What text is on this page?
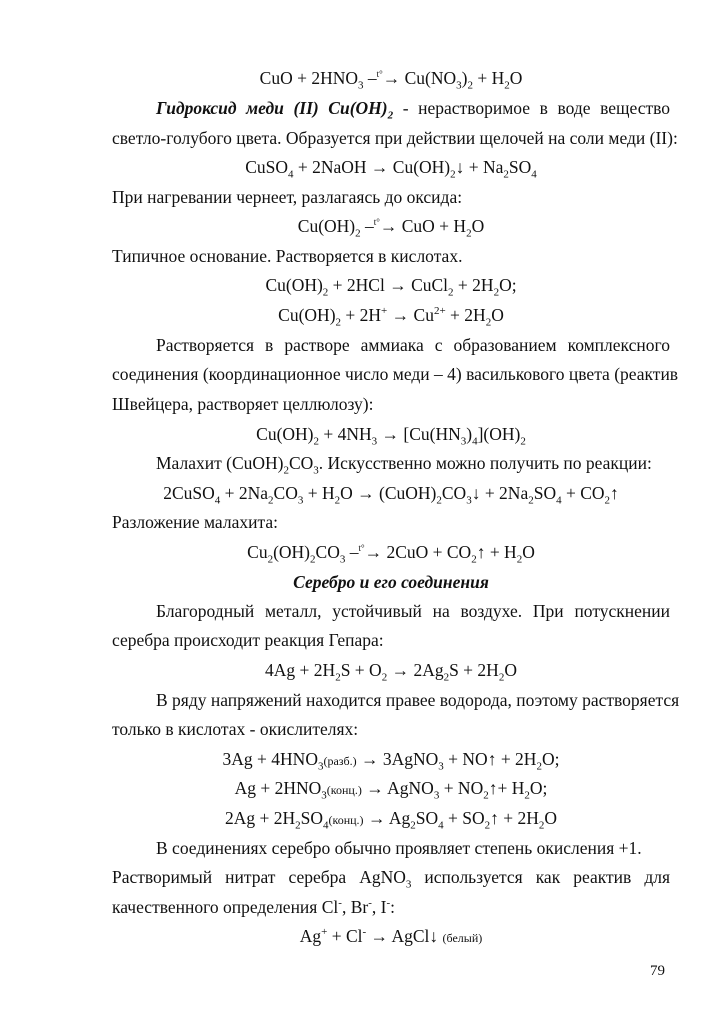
CuO + $2HNO_3$ $-^{t^\circ}\to Cu(NO_3)_2 + H_2O$
Гидроксид меди (II) $Cu(OH)_2$ - нерастворимое в воде вещество
светло-голубого цвета. Образуется при действии щелочей на соли меди (II):
CuSO$_4$ + 2NaOH → $Cu(OH)_2↓ + Na_2SO_4$
При нагревании чернеет, разлагаясь до оксида:
$Cu(OH)_2$ –$^{t^\circ}$→ CuO + $H_2O$
Типичное основание. Растворяется в кислотах.
$Cu(OH)_2 + 2HCl$ → CuCl$_2$ + $2H_2O$;
$Cu(OH)_2 + 2H^+ \to Cu^{2+} + 2H_2O$
Растворяется в растворе аммиака с образованием комплексного
соединения (координационное число меди – 4) василькового цвета (реактив
Швейцера, растворяет целлюлозу):
$Cu(OH)_2 + 4NH_3 \to [Cu(HN_3)_4](OH)_2$
Малахит $(CuOH)_2CO_3$. Искусственно можно получить по реакции:
2CuSO$_4$ + $2Na_2CO_3 + H_2O$ → $(CuOH)_2CO_3↓ + 2Na_2SO_4$ + $CO_2↑$
Разложение малахита:
$Cu_2(OH)_2CO_3$ $-^{t^\circ}\to 2CuO + CO_2↑ + H_2O$
Серебро и его соединения
Благородный металл, устойчивый на воздухе. При потускнении
серебра происходит реакция Гепара:
$4Ag + 2H_2S + O_2 \to 2Ag_2S + 2H_2O$
В ряду напряжений находится правее водорода, поэтому растворяется
только в кислотах - окислителях:
$3Ag + 4HNO_3(разб.)$ → 3AgNO$_3$ + NO↑ + $2H_2O$;
$Ag + 2HNO_3(конц.)$ → AgNO$_3$ + $NO_2↑+ H_2O$;
$2Ag + 2H_2SO_4(конц.) \to Ag_2SO_4$ + $SO_2↑ + 2H_2O$
В соединениях серебро обычно проявляет степень окисления +1.
Растворимый нитрат серебра AgNO$_3$ используется как реактив для
качественного определения Cl-, Br-, I-:
Ag+ + Cl- → AgCl↓ (белый)
79
